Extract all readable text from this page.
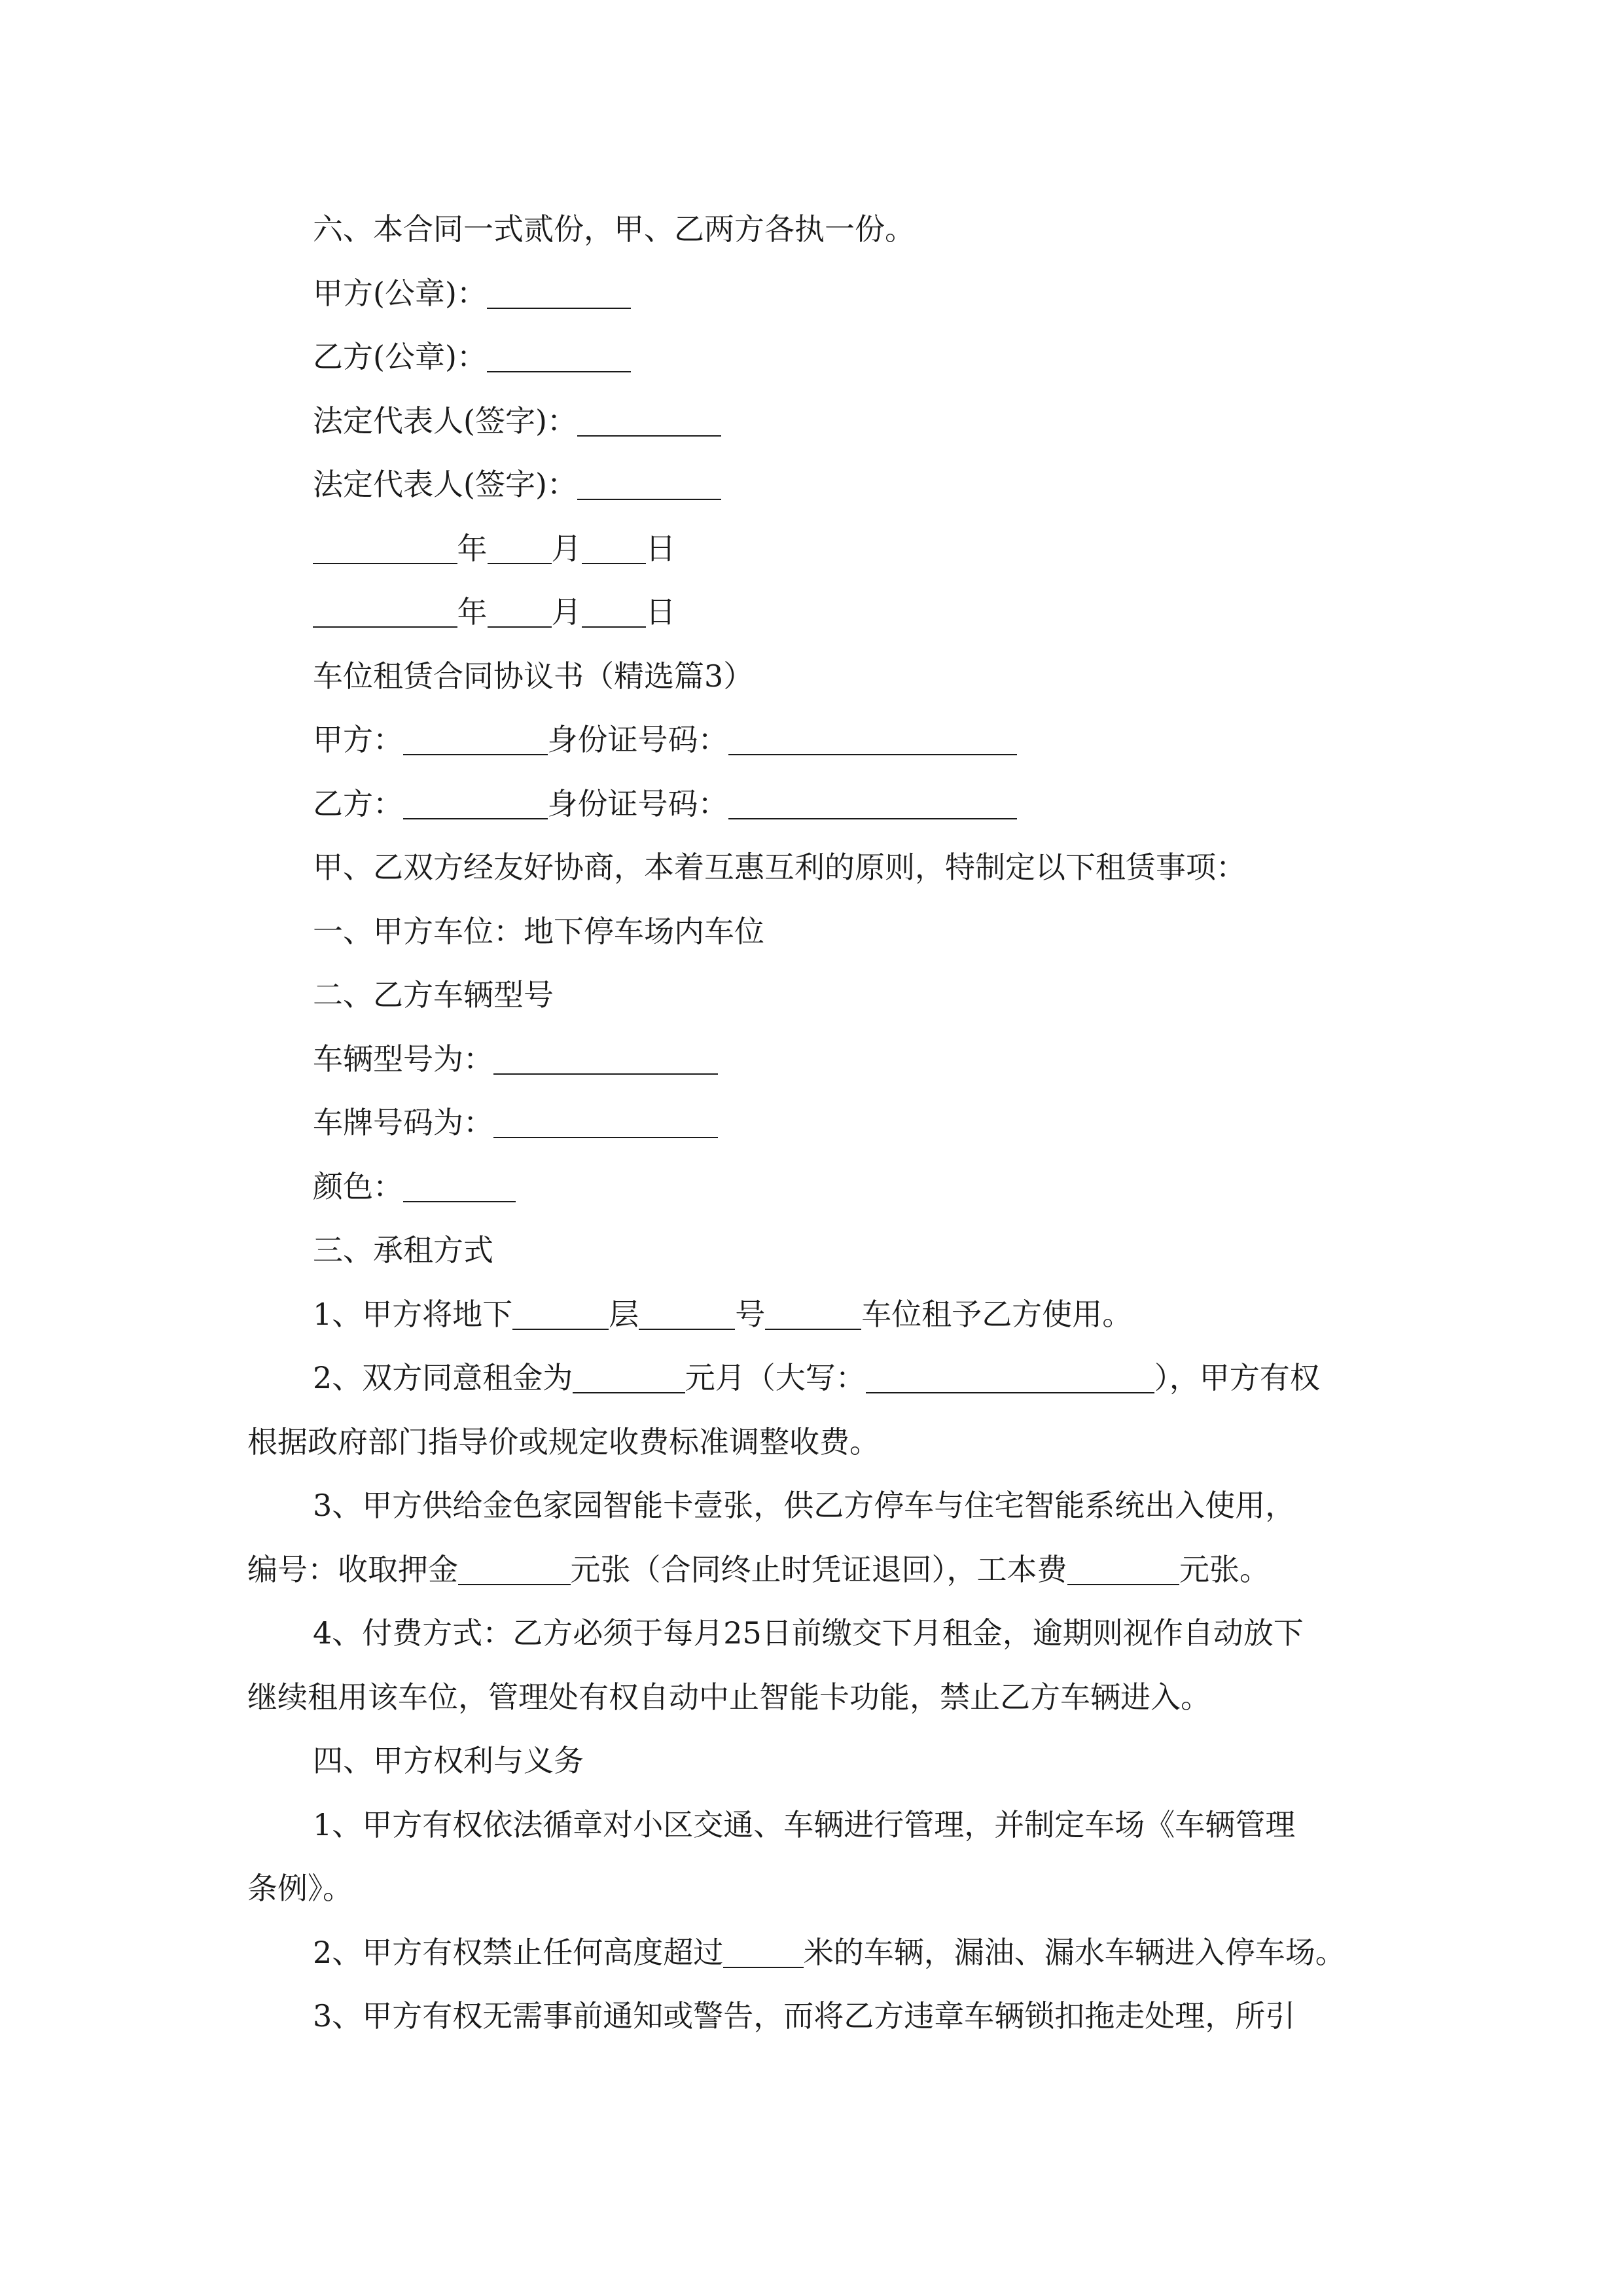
六、本合同一式贰份，甲、乙两方各执一份。
甲方(公章)：
乙方(公章)：
法定代表人(签字)：
法定代表人(签字)：
年 月 日
年 月 日
车位租赁合同协议书（精选篇3）
甲方：	身份证号码：
乙方：	身份证号码：
甲、乙双方经友好协商，本着互惠互利的原则，特制定以下租赁事项：
一、甲方车位：地下停车场内车位
二、乙方车辆型号
车辆型号为：
车牌号码为：
颜色：
三、承租方式
1、甲方将地下	层	号	车位租予乙方使用。
2、双方同意租金为	元月（大写：	），甲方有权
根据政府部门指导价或规定收费标准调整收费。
3、甲方供给金色家园智能卡壹张，供乙方停车与住宅智能系统出入使用，
编号：收取押金	元张（合同终止时凭证退回），工本费	元张。
4、付费方式：乙方必须于每月25日前缴交下月租金，逾期则视作自动放下
继续租用该车位，管理处有权自动中止智能卡功能，禁止乙方车辆进入。
四、甲方权利与义务
1、甲方有权依法循章对小区交通、车辆进行管理，并制定车场《车辆管理
条例》。
2、甲方有权禁止任何高度超过	米的车辆，漏油、漏水车辆进入停车场。
3、甲方有权无需事前通知或警告，而将乙方违章车辆锁扣拖走处理，所引
